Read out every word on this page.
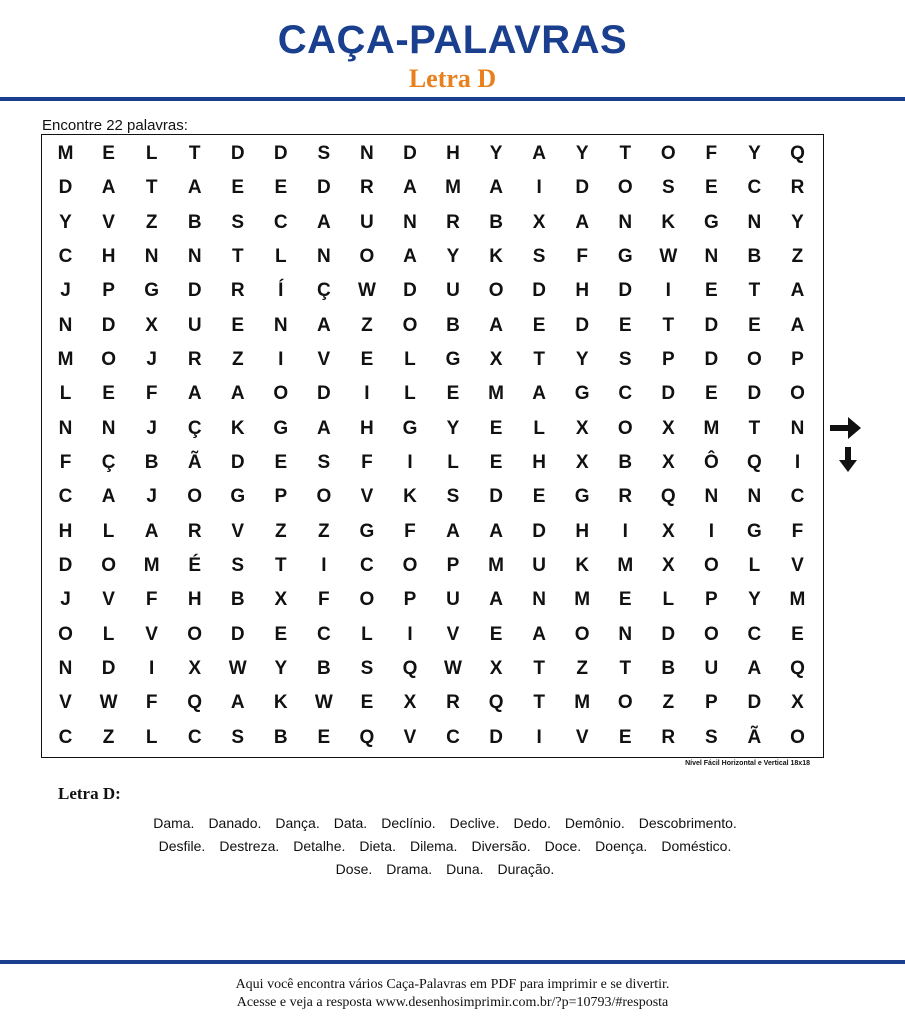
CAÇA-PALAVRAS
Letra D
Encontre 22 palavras:
M	E	L	T	D	D	S	N	D	H	Y	A	Y	T	O	F	Y	Q
D	A	T	A	E	E	D	R	A	M	A	I	D	O	S	E	C	R
Y	V	Z	B	S	C	A	U	N	R	B	X	A	N	K	G	N	Y
C	H	N	N	T	L	N	O	A	Y	K	S	F	G	W	N	B	Z
J	P	G	D	R	Í	Ç	W	D	U	O	D	H	D	I	E	T	A
N	D	X	U	E	N	A	Z	O	B	A	E	D	E	T	D	E	A
M	O	J	R	Z	I	V	E	L	G	X	T	Y	S	P	D	O	P
L	E	F	A	A	O	D	I	L	E	M	A	G	C	D	E	D	O
N	N	J	Ç	K	G	A	H	G	Y	E	L	X	O	X	M	T	N
F	Ç	B	Ã	D	E	S	F	I	L	E	H	X	B	X	Ô	Q	I
C	A	J	O	G	P	O	V	K	S	D	E	G	R	Q	N	N	C
H	L	A	R	V	Z	Z	G	F	A	A	D	H	I	X	I	G	F
D	O	M	É	S	T	I	C	O	P	M	U	K	M	X	O	L	V
J	V	F	H	B	X	F	O	P	U	A	N	M	E	L	P	Y	M
O	L	V	O	D	E	C	L	I	V	E	A	O	N	D	O	C	E
N	D	I	X	W	Y	B	S	Q	W	X	T	Z	T	B	U	A	Q
V	W	F	Q	A	K	W	E	X	R	Q	T	M	O	Z	P	D	X
C	Z	L	C	S	B	E	Q	V	C	D	I	V	E	R	S	Ã	O
Nível Fácil Horizontal e Vertical 18x18
Letra D:
Dama. Danado. Dança. Data. Declínio. Declive. Dedo. Demônio. Descobrimento.
Desfile. Destreza. Detalhe. Dieta. Dilema. Diversão. Doce. Doença. Doméstico.
Dose. Drama. Duna. Duração.
Aqui você encontra vários Caça-Palavras em PDF para imprimir e se divertir.
Acesse e veja a resposta www.desenhosimprimir.com.br/?p=10793/#resposta
